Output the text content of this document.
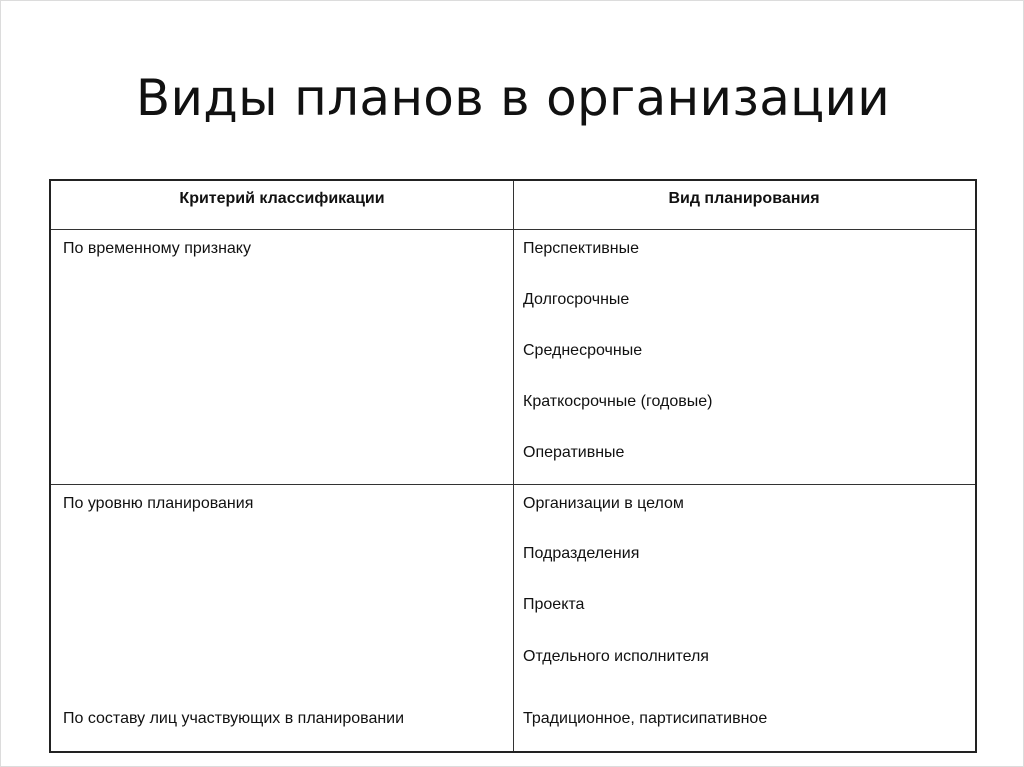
Виды планов в организации
Критерий классификации	Вид планирования
По временному признаку	Перспективные
Долгосрочные
Среднесрочные
Краткосрочные (годовые)
Оперативные
По уровню планирования	Организации в целом
Подразделения
Проекта
Отдельного исполнителя
По составу лиц участвующих в планировании	Традиционное, партисипативное
